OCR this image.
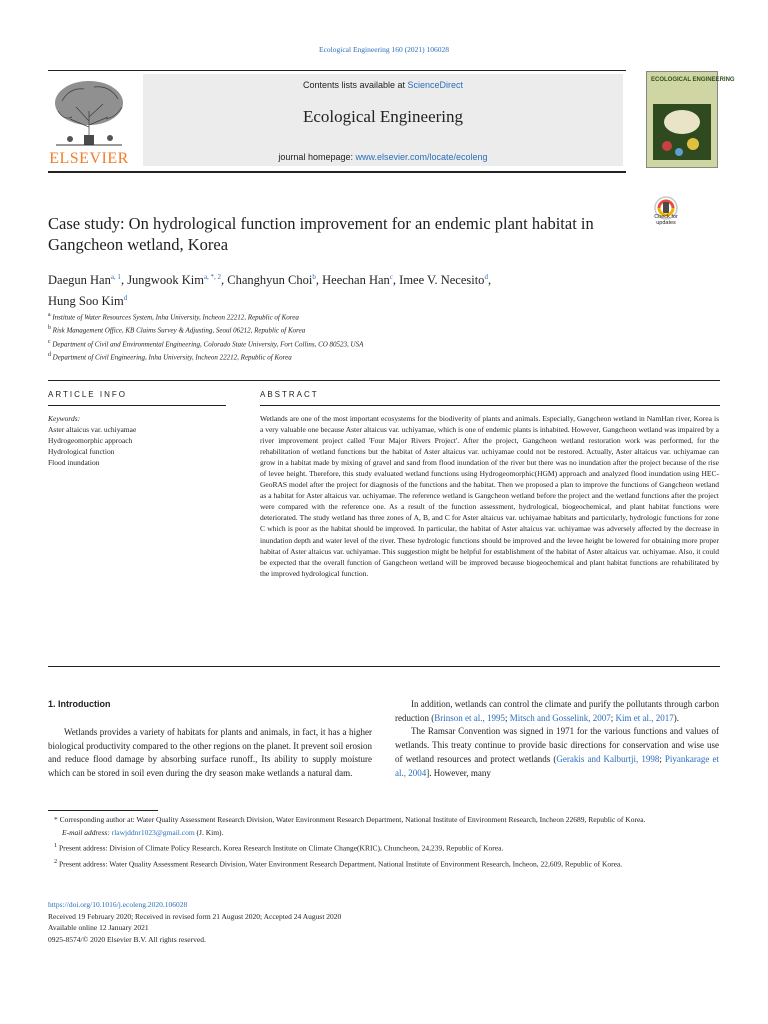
Ecological Engineering 160 (2021) 106028
ELSEVIER
Contents lists available at ScienceDirect
Ecological Engineering
journal homepage: www.elsevier.com/locate/ecoleng
ECOLOGICAL ENGINEERING
Case study: On hydrological function improvement for an endemic plant habitat in Gangcheon wetland, Korea
Check for
updates
Daegun Han$^{a, 1}$, Jungwook Kim$^{a, *, 2}$, Changhyun Choi$^b$, Heechan Han$^c$, Imee V. Necesito$^d$,
Hung Soo Kim$^d$
$^a$ Institute of Water Resources System, Inha University, Incheon 22212, Republic of Korea
$^b$ Risk Management Office, KB Claims Survey & Adjusting, Seoul 06212, Republic of Korea
$^c$ Department of Civil and Environmental Engineering, Colorado State University, Fort Collins, CO 80523, USA
$^d$ Department of Civil Engineering, Inha University, Incheon 22212, Republic of Korea
ARTICLE INFO	ABSTRACT
Keywords:
Aster altaicus var. uchiyamae
Hydrogeomorphic approach
Hydrological function
Flood inundation
Wetlands are one of the most important ecosystems for the biodiverity of plants and animals. Especially, Gangcheon wetland in NamHan river, Korea is a very valuable one because Aster altaicus var. uchiyamae, which is one of endemic plants is inhabited. However, Gangcheon wetland was impaired by a river improvement project called 'Four Major Rivers Project'. After the project, Gangcheon wetland restoration work was performed, for the rehabilitation of wetland functions but the habitat of Aster altaicus var. uchiyamae could not be restored. Actually, Aster altaicus var. uchiyamae can grow in a habitat made by mixing of gravel and sand from flood inundation of the river but there was no inundation after the project because of the rise of levee height. Therefore, this study evaluated wetland functions using Hydrogeomorphic(HGM) approach and analyzed flood inundation using HEC-GeoRAS model after the project for diagnosis of the functions and the habitat. Then we proposed a plan to improve the functions of Gangcheon wetland as a habitat for Aster altaicus var. uchiyamae. The reference wetland is Gangcheon wetland before the project and the wetland functions after the project were compared with the reference one. As a result of the function assessment, hydrological, biogeochemical, and plant habitat functions were deteriorated. The study wetland has three zones of A, B, and C for Aster altaicus var. uchiyamae habitats and particularly, hydrologic functions for zone C which is poor as the habitat should be improved. In particular, the habitat of Aster altaicus var. uchiyamae was adversely affected by the decrease in inundation depth and water level of the river. These hydrologic functions should be improved and the levee height be lowered for obtaining more proper habitat of Aster altaicus var. uchiyamae. This suggestion might be helpful for establishment of the habitat of Aster altaicus var. uchiyamae. Also, it could be expected that the overall function of Gangcheon wetland will be improved because biogeochemical and plant habitat functions are rehabilitated by the improved hydrological function.
1. Introduction

Wetlands provides a variety of habitats for plants and animals, in fact, it has a higher biological productivity compared to the other regions on the planet. It prevent soil erosion and reduce flood damage by absorbing surface runoff., Its ability to supply moisture which can be stored in soil even during the dry season make wetlands a natural dam.

In addition, wetlands can control the climate and purify the pollutants through carbon reduction (Brinson et al., 1995; Mitsch and Gosselink, 2007; Kim et al., 2017).

The Ramsar Convention was signed in 1971 for the various functions and values of wetlands. This treaty continue to provide basic directions for conservation and wise use of wetland resources and protect wetlands (Gerakis and Kalburtji, 1998; Piyankarage et al., 2004]. However, many

* Corresponding author at: Water Quality Assessment Research Division, Water Environment Research Department, National Institute of Environment Research, Incheon 22689, Republic of Korea.

E-mail address: rlawjddnr1023@gmail.com (J. Kim).

$^1$ Present address: Division of Climate Policy Research, Korea Research Institute on Climate Change(KRIC), Chuncheon, 24,239, Republic of Korea.

$^2$ Present address: Water Quality Assessment Research Division, Water Environment Research Department, National Institute of Environment Research, Incheon, 22,609, Republic of Korea.

https://doi.org/10.1016/j.ecoleng.2020.106028
Received 19 February 2020; Received in revised form 21 August 2020; Accepted 24 August 2020
Available online 12 January 2021
0925-8574/© 2020 Elsevier B.V. All rights reserved.
